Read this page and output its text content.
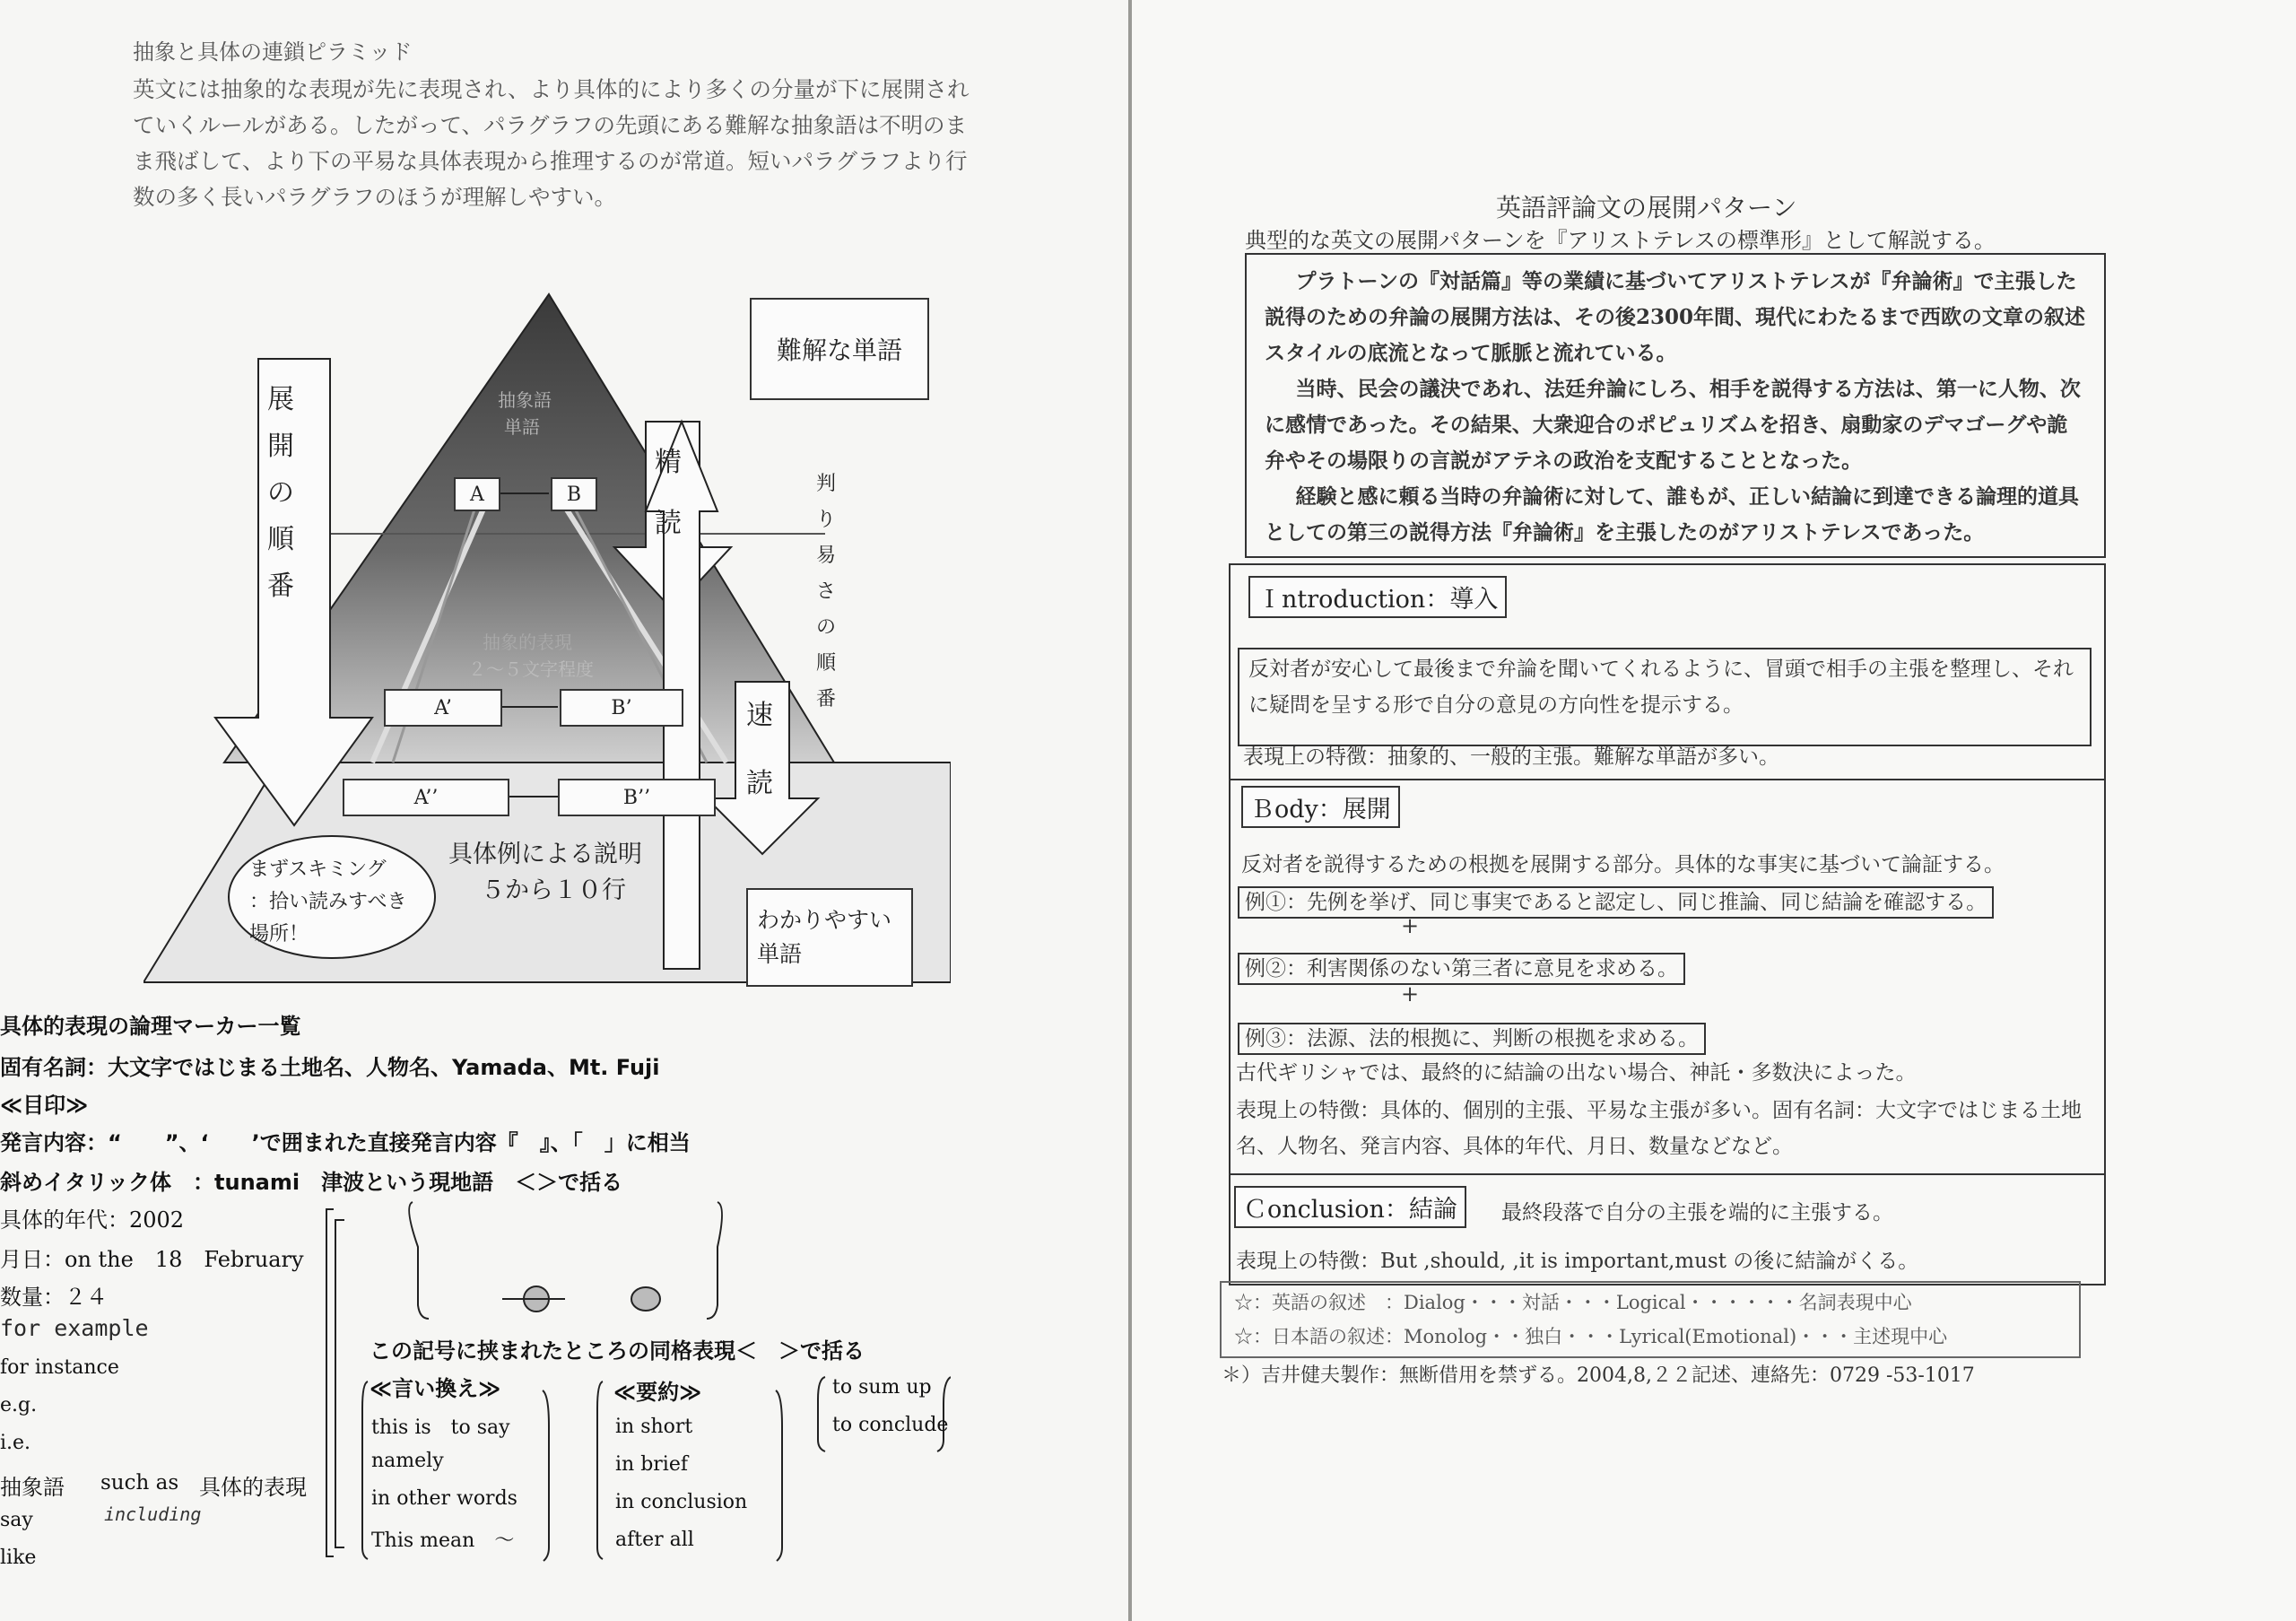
抽象と具体の連鎖ピラミッド
英文には抽象的な表現が先に表現され、より具体的により多くの分量が下に展開されていくルールがある。したがって、パラグラフの先頭にある難解な抽象語は不明のまま飛ばして、より下の平易な具体表現から推理するのが常道。短いパラグラフより行数の多く長いパラグラフのほうが理解しやすい。
展
開
の
順
番
抽象語
単語
A	B
抽象的表現
２～５文字程度
A’	B’
A’’	B’’
精
読
速
読
難解な単語
判
り
易
さ
の
順
番
わかりやすい単語
具体例による説明
５から１０行
まずスキミング
：拾い読みすべき
場所！
具体的表現の論理マーカー一覧
固有名詞：大文字ではじまる土地名、人物名、Yamada、Mt. Fuji
≪目印≫
発言内容：“　　”、‘　　’で囲まれた直接発言内容『　』、「　」に相当
斜めイタリック体　：tunami　津波という現地語　＜＞で括る
具体的年代：2002
月日：on the　18　February
数量：２４
for example
for instance
e.g.
i.e.
抽象語 such as 具体的表現
including
say
like
この記号に挟まれたところの同格表現＜　＞で括る
≪言い換え≫
this is　to say
namely
in other words
This mean　～
≪要約≫
in short
in brief
in conclusion
after all
to sum up
to conclude
英語評論文の展開パターン
典型的な英文の展開パターンを『アリストテレスの標準形』として解説する。

プラトーンの『対話篇』等の業績に基づいてアリストテレスが『弁論術』で主張した説得のための弁論の展開方法は、その後2300年間、現代にわたるまで西欧の文章の叙述スタイルの底流となって脈脈と流れている。

当時、民会の議決であれ、法廷弁論にしろ、相手を説得する方法は、第一に人物、次に感情であった。その結果、大衆迎合のポピュリズムを招き、扇動家のデマゴーグや詭弁やその場限りの言説がアテネの政治を支配することとなった。

経験と感に頼る当時の弁論術に対して、誰もが、正しい結論に到達できる論理的道具としての第三の説得方法『弁論術』を主張したのがアリストテレスであった。

Ｉntroduction：導入
反対者が安心して最後まで弁論を聞いてくれるように、冒頭で相手の主張を整理し、それに疑問を呈する形で自分の意見の方向性を提示する。
表現上の特徴：抽象的、一般的主張。難解な単語が多い。
Ｂody：展開
反対者を説得するための根拠を展開する部分。具体的な事実に基づいて論証する。
例①：先例を挙げ、同じ事実であると認定し、同じ推論、同じ結論を確認する。
+
例②：利害関係のない第三者に意見を求める。
+
例③：法源、法的根拠に、判断の根拠を求める。
古代ギリシャでは、最終的に結論の出ない場合、神託・多数決によった。
表現上の特徴：具体的、個別的主張、平易な主張が多い。固有名詞：大文字ではじまる土地名、人物名、発言内容、具体的年代、月日、数量などなど。
Ｃonclusion：結論	最終段落で自分の主張を端的に主張する。
表現上の特徴：But ,should, ,it is important,must の後に結論がくる。
☆：英語の叙述　：Dialog・・・対話・・・Logical・・・・・・名詞表現中心
☆：日本語の叙述：Monolog・・独白・・・Lyrical(Emotional)・・・主述現中心
＊）吉井健夫製作：無断借用を禁ずる。2004,8,２２記述、連絡先：0729 -53-1017
